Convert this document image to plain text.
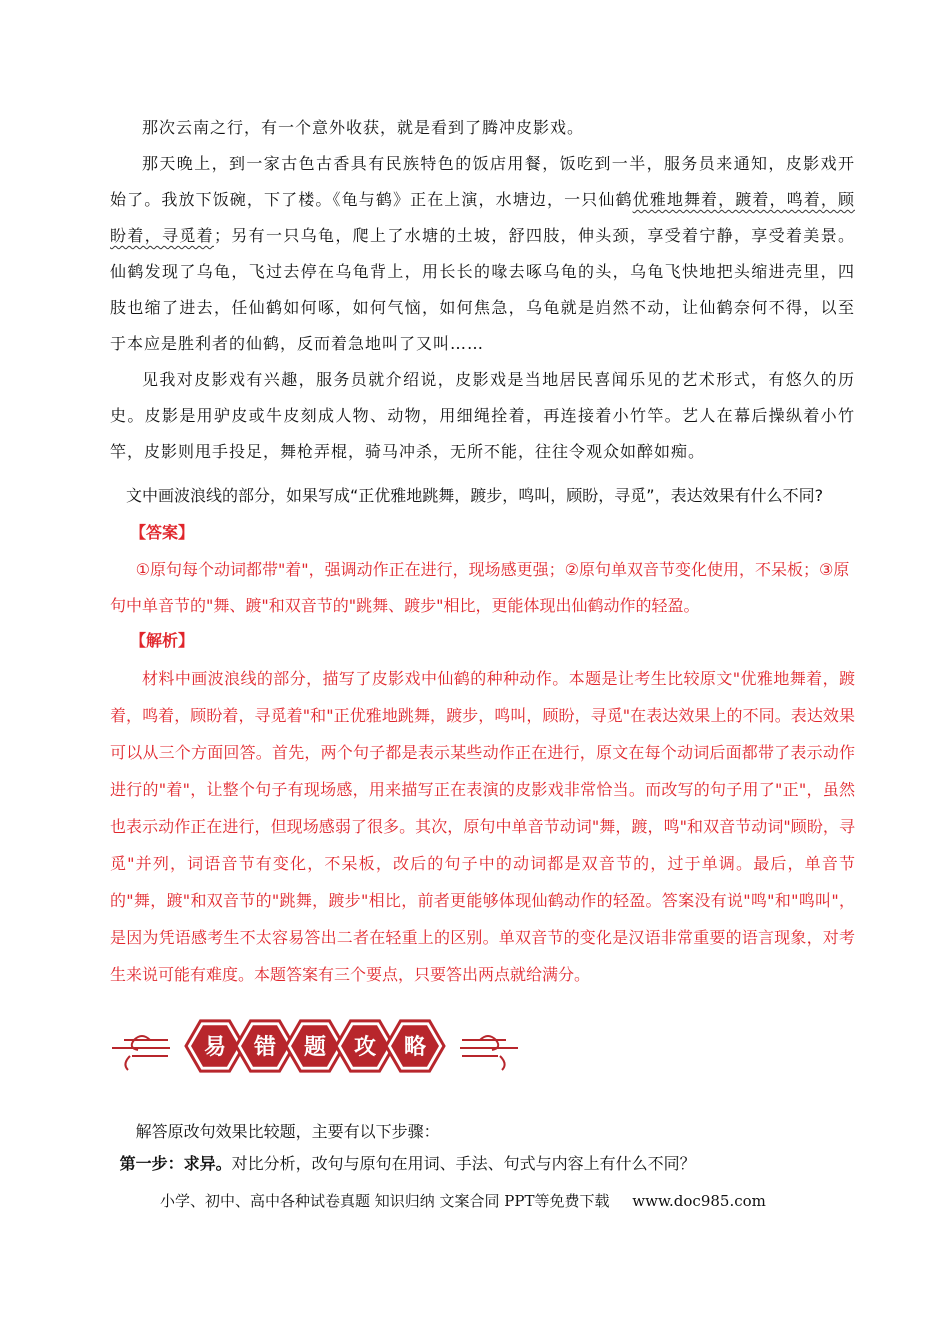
那次云南之行，有一个意外收获，就是看到了腾冲皮影戏。

那天晚上，到一家古色古香具有民族特色的饭店用餐，饭吃到一半，服务员来通知，皮影戏开始了。我放下饭碗，下了楼。《龟与鹤》正在上演，水塘边，一只仙鹤优雅地舞着，踱着，鸣着，顾盼着，寻觅着；另有一只乌龟，爬上了水塘的土坡，舒四肢，伸头颈，享受着宁静，享受着美景。仙鹤发现了乌龟，飞过去停在乌龟背上，用长长的喙去啄乌龟的头，乌龟飞快地把头缩进壳里，四肢也缩了进去，任仙鹤如何啄，如何气恼，如何焦急，乌龟就是岿然不动，让仙鹤奈何不得，以至于本应是胜利者的仙鹤，反而着急地叫了又叫……

见我对皮影戏有兴趣，服务员就介绍说，皮影戏是当地居民喜闻乐见的艺术形式，有悠久的历史。皮影是用驴皮或牛皮刻成人物、动物，用细绳拴着，再连接着小竹竿。艺人在幕后操纵着小竹竿，皮影则甩手投足，舞枪弄棍，骑马冲杀，无所不能，往往令观众如醉如痴。

文中画波浪线的部分，如果写成“正优雅地跳舞，踱步，鸣叫，顾盼，寻觅”，表达效果有什么不同?
【答案】

①原句每个动词都带"着"，强调动作正在进行，现场感更强；②原句单双音节变化使用，不呆板；③原句中单音节的"舞、踱"和双音节的"跳舞、踱步"相比，更能体现出仙鹤动作的轻盈。

【解析】

材料中画波浪线的部分，描写了皮影戏中仙鹤的种种动作。本题是让考生比较原文"优雅地舞着，踱着，鸣着，顾盼着，寻觅着"和"正优雅地跳舞，踱步，鸣叫，顾盼，寻觅"在表达效果上的不同。表达效果可以从三个方面回答。首先，两个句子都是表示某些动作正在进行，原文在每个动词后面都带了表示动作进行的"着"，让整个句子有现场感，用来描写正在表演的皮影戏非常恰当。而改写的句子用了"正"，虽然也表示动作正在进行，但现场感弱了很多。其次，原句中单音节动词"舞，踱，鸣"和双音节动词"顾盼，寻觅"并列，词语音节有变化，不呆板，改后的句子中的动词都是双音节的，过于单调。最后，单音节的"舞，踱"和双音节的"跳舞，踱步"相比，前者更能够体现仙鹤动作的轻盈。答案没有说"鸣"和"鸣叫"，是因为凭语感考生不太容易答出二者在轻重上的区别。单双音节的变化是汉语非常重要的语言现象，对考生来说可能有难度。本题答案有三个要点，只要答出两点就给满分。

易 错 题 攻 略

解答原改句效果比较题，主要有以下步骤：

第一步：求异。对比分析，改句与原句在用词、手法、句式与内容上有什么不同？

小学、初中、高中各种试卷真题 知识归纳 文案合同 PPT等免费下载 www.doc985.com
